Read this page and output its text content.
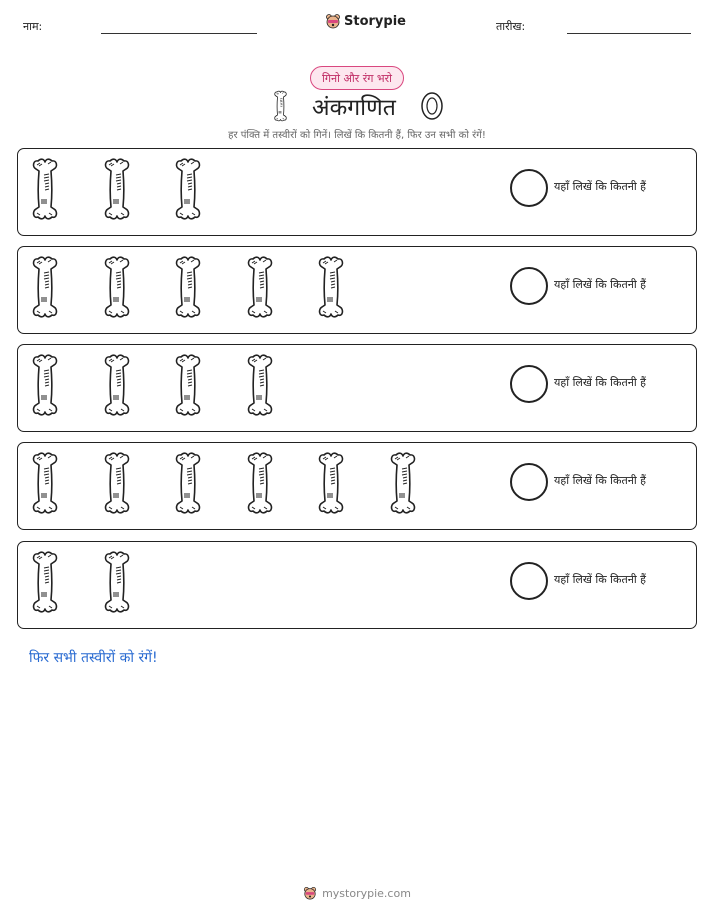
नाम:	Storypie	तारीख:
गिनो और रंग भरो
अंकगणित
हर पंक्ति में तस्वीरों को गिनें। लिखें कि कितनी हैं, फिर उन सभी को रंगें!
यहाँ लिखें कि कितनी हैं
यहाँ लिखें कि कितनी हैं
यहाँ लिखें कि कितनी हैं
यहाँ लिखें कि कितनी हैं
यहाँ लिखें कि कितनी हैं
फिर सभी तस्वीरों को रंगें!
mystorypie.com
